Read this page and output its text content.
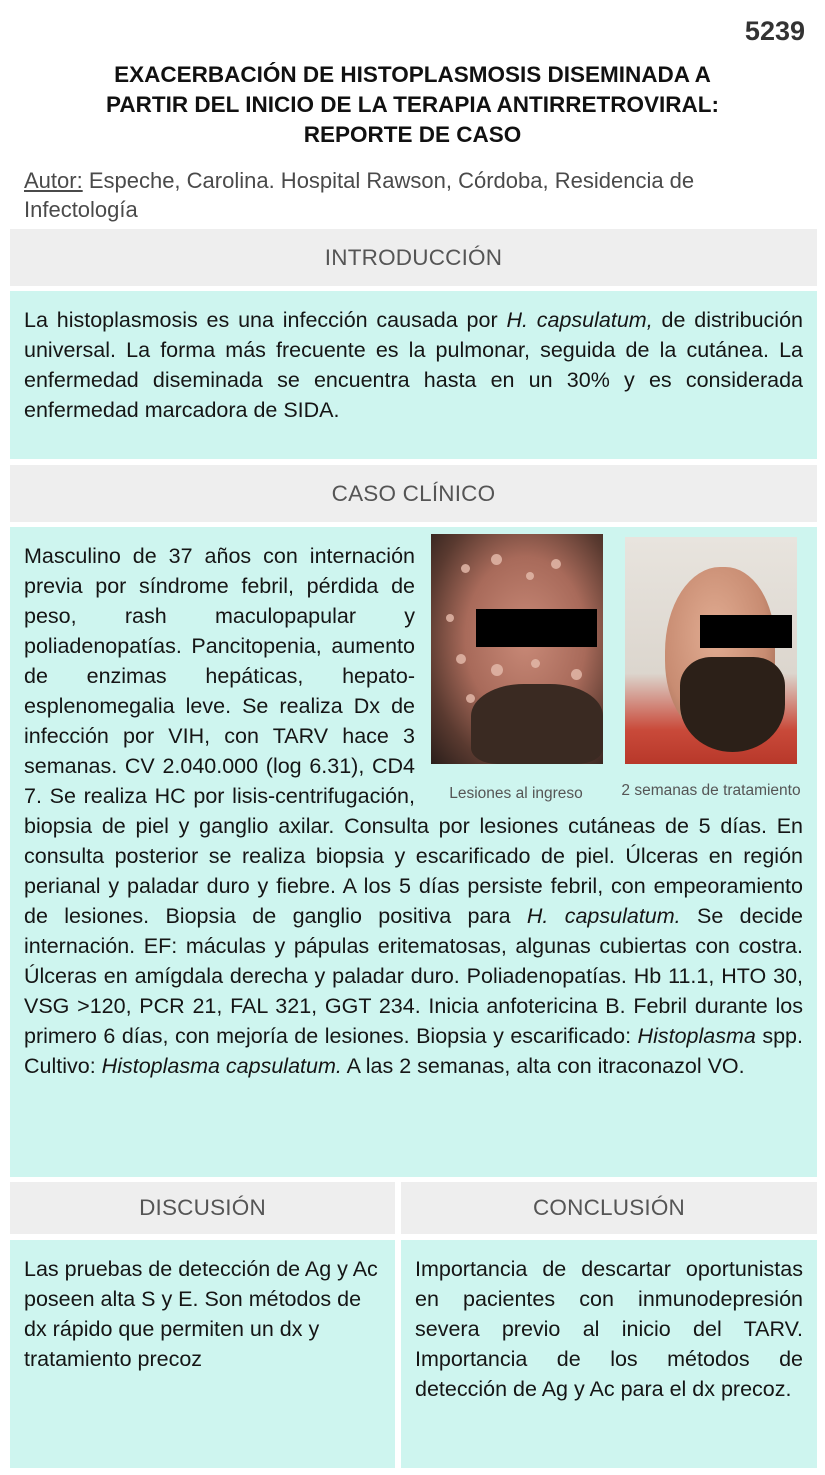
5239
EXACERBACIÓN DE HISTOPLASMOSIS DISEMINADA A
PARTIR DEL INICIO DE LA TERAPIA ANTIRRETROVIRAL:
REPORTE DE CASO
Autor: Espeche, Carolina. Hospital Rawson, Córdoba, Residencia de Infectología
INTRODUCCIÓN
La histoplasmosis es una infección causada por H. capsulatum, de distribución universal. La forma más frecuente es la pulmonar, seguida de la cutánea. La enfermedad diseminada se encuentra hasta en un 30% y es considerada enfermedad marcadora de SIDA.
CASO CLÍNICO
Lesiones al ingreso	2 semanas de tratamiento
Masculino de 37 años con internación previa por síndrome febril, pérdida de peso, rash maculopapular y poliadenopatías. Pancitopenia, aumento de enzimas hepáticas, hepato-esplenomegalia leve. Se realiza Dx de infección por VIH, con TARV hace 3 semanas. CV 2.040.000 (log 6.31), CD4 7. Se realiza HC por lisis-centrifugación, biopsia de piel y ganglio axilar. Consulta por lesiones cutáneas de 5 días. En consulta posterior se realiza biopsia y escarificado de piel. Úlceras en región perianal y paladar duro y fiebre. A los 5 días persiste febril, con empeoramiento de lesiones. Biopsia de ganglio positiva para H. capsulatum. Se decide internación. EF: máculas y pápulas eritematosas, algunas cubiertas con costra. Úlceras en amígdala derecha y paladar duro. Poliadenopatías. Hb 11.1, HTO 30, VSG >120, PCR 21, FAL 321, GGT 234. Inicia anfotericina B. Febril durante los primero 6 días, con mejoría de lesiones. Biopsia y escarificado: Histoplasma spp. Cultivo: Histoplasma capsulatum. A las 2 semanas, alta con itraconazol VO.
DISCUSIÓN	CONCLUSIÓN
Las pruebas de detección de Ag y Ac poseen alta S y E. Son métodos de dx rápido que permiten un dx y tratamiento precoz
Importancia de descartar oportunistas en pacientes con inmunodepresión severa previo al inicio del TARV. Importancia de los métodos de detección de Ag y Ac para el dx precoz.
